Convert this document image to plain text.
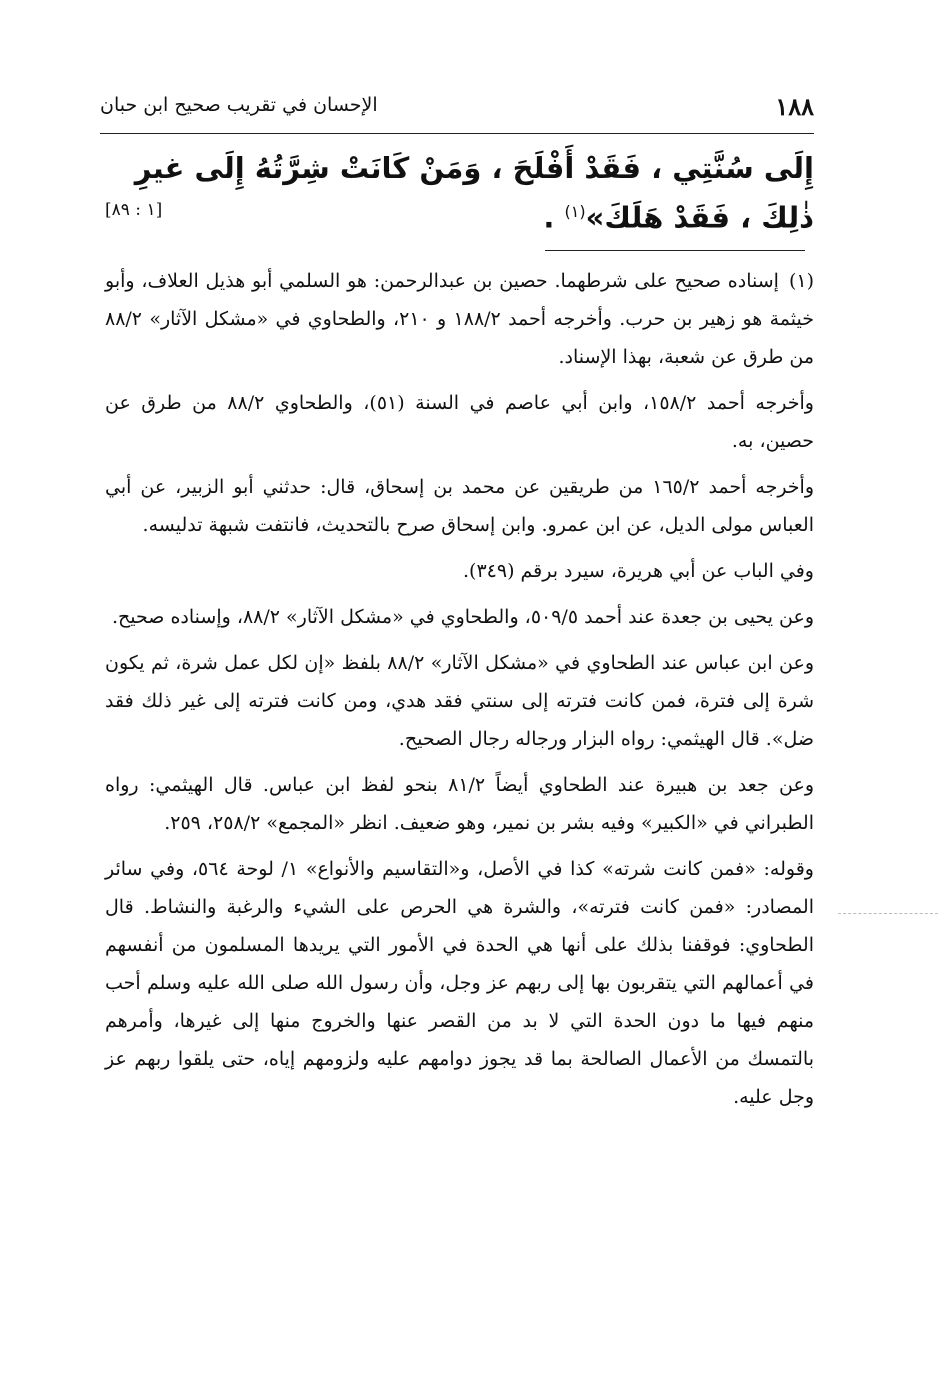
١٨٨
الإحسان في تقريب صحيح ابن حبان
إِلَى سُنَّتِي ، فَقَدْ أَفْلَحَ ، وَمَنْ كَانَتْ شِرَّتُهُ إِلَى غيرِ ذٰلِكَ ، فَقَدْ هَلَكَ»$^{(١)}$ .
[١ : ٨٩]

(١)إسناده صحيح على شرطهما. حصين بن عبدالرحمن: هو السلمي أبو هذيل العلاف، وأبو خيثمة هو زهير بن حرب. وأخرجه أحمد ١٨٨/٢ و ٢١٠، والطحاوي في «مشكل الآثار» ٨٨/٢ من طرق عن شعبة، بهذا الإسناد.

وأخرجه أحمد ١٥٨/٢، وابن أبي عاصم في السنة (٥١)، والطحاوي ٨٨/٢ من طرق عن حصين، به.

وأخرجه أحمد ١٦٥/٢ من طريقين عن محمد بن إسحاق، قال: حدثني أبو الزبير، عن أبي العباس مولى الديل، عن ابن عمرو. وابن إسحاق صرح بالتحديث، فانتفت شبهة تدليسه.

وفي الباب عن أبي هريرة، سيرد برقم (٣٤٩).

وعن يحيى بن جعدة عند أحمد ٥٠٩/٥، والطحاوي في «مشكل الآثار» ٨٨/٢، وإسناده صحيح.

وعن ابن عباس عند الطحاوي في «مشكل الآثار» ٨٨/٢ بلفظ «إن لكل عمل شرة، ثم يكون شرة إلى فترة، فمن كانت فترته إلى سنتي فقد هدي، ومن كانت فترته إلى غير ذلك فقد ضل». قال الهيثمي: رواه البزار ورجاله رجال الصحيح.

وعن جعد بن هبيرة عند الطحاوي أيضاً ٨١/٢ بنحو لفظ ابن عباس. قال الهيثمي: رواه الطبراني في «الكبير» وفيه بشر بن نمير، وهو ضعيف. انظر «المجمع» ٢٥٨/٢، ٢٥٩.

وقوله: «فمن كانت شرته» كذا في الأصل، و«التقاسيم والأنواع» ١/ لوحة ٥٦٤، وفي سائر المصادر: «فمن كانت فترته»، والشرة هي الحرص على الشيء والرغبة والنشاط. قال الطحاوي: فوقفنا بذلك على أنها هي الحدة في الأمور التي يريدها المسلمون من أنفسهم في أعمالهم التي يتقربون بها إلى ربهم عز وجل، وأن رسول الله صلى الله عليه وسلم أحب منهم فيها ما دون الحدة التي لا بد من القصر عنها والخروج منها إلى غيرها، وأمرهم بالتمسك من الأعمال الصالحة بما قد يجوز دوامهم عليه ولزومهم إياه، حتى يلقوا ربهم عز وجل عليه.
